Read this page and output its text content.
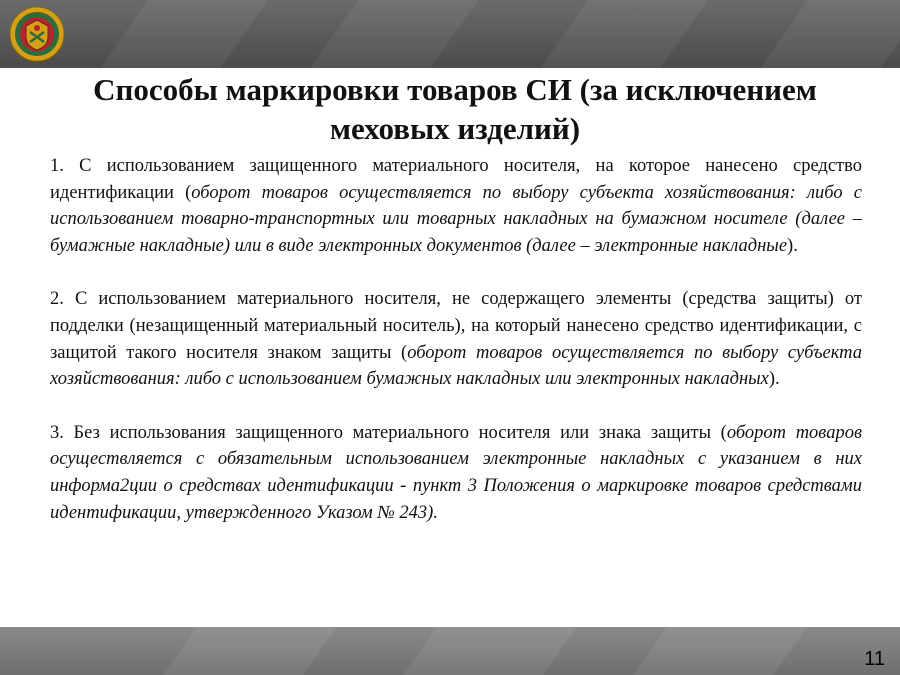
Способы маркировки товаров СИ (за исключением меховых изделий)

1. С использованием защищенного материального носителя, на которое нанесено средство идентификации (оборот товаров осуществляется по выбору субъекта хозяйствования: либо с использованием товарно-транспортных или товарных накладных на бумажном носителе (далее – бумажные накладные) или в виде электронных документов (далее – электронные накладные).

2. С использованием материального носителя, не содержащего элементы (средства защиты) от подделки (незащищенный материальный носитель), на который нанесено средство идентификации, с защитой такого носителя знаком защиты (оборот товаров осуществляется по выбору субъекта хозяйствования: либо с использованием бумажных накладных или электронных накладных).

3. Без использования защищенного материального носителя или знака защиты (оборот товаров осуществляется с обязательным использованием электронные накладных с указанием в них информа2ции о средствах идентификации - пункт 3 Положения о маркировке товаров средствами идентификации, утвержденного Указом № 243).

11
